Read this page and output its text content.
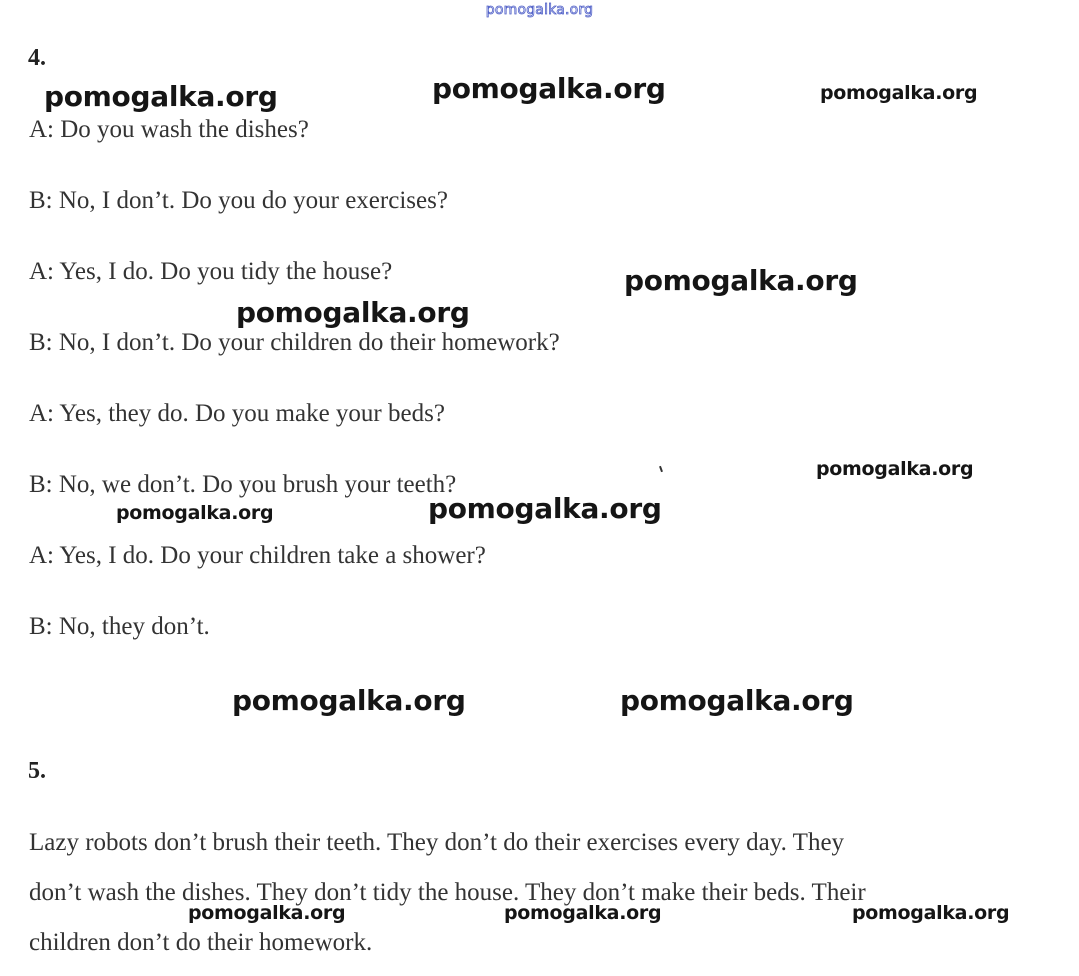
pomogalka.org
4.
A: Do you wash the dishes?
B: No, I don’t. Do you do your exercises?
A: Yes, I do. Do you tidy the house?
B: No, I don’t. Do your children do their homework?
A: Yes, they do. Do you make your beds?
B: No, we don’t. Do you brush your teeth?
A: Yes, I do. Do your children take a shower?
B: No, they don’t.
5.
Lazy robots don’t brush their teeth. They don’t do their exercises every day. They
don’t wash the dishes. They don’t tidy the house. They don’t make their beds. Their
children don’t do their homework.
pomogalka.org	pomogalka.org	pomogalka.org
pomogalka.org
pomogalka.org
pomogalka.org
pomogalka.org	pomogalka.org
pomogalka.org	pomogalka.org
pomogalka.org	pomogalka.org	pomogalka.org
